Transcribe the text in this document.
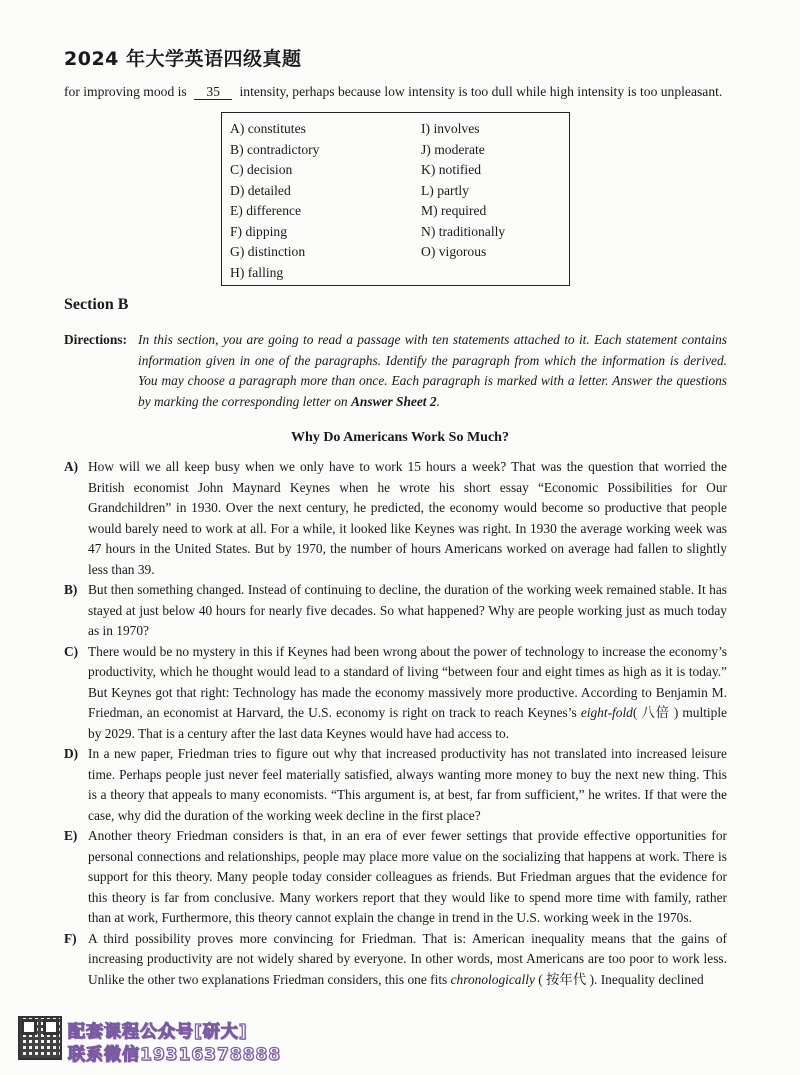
2024 年大学英语四级真题
for improving mood is 35 intensity, perhaps because low intensity is too dull while high intensity is too unpleasant.
A) constitutes
B) contradictory
C) decision
D) detailed
E) difference
F) dipping
G) distinction
H) falling
I) involves
J) moderate
K) notified
L) partly
M) required
N) traditionally
O) vigorous
Section B
Directions: In this section, you are going to read a passage with ten statements attached to it. Each statement contains information given in one of the paragraphs. Identify the paragraph from which the information is derived. You may choose a paragraph more than once. Each paragraph is marked with a letter. Answer the questions by marking the corresponding letter on Answer Sheet 2.
Why Do Americans Work So Much?
A) How will we all keep busy when we only have to work 15 hours a week? That was the question that worried the British economist John Maynard Keynes when he wrote his short essay “Economic Possibilities for Our Grandchildren” in 1930. Over the next century, he predicted, the economy would become so productive that people would barely need to work at all. For a while, it looked like Keynes was right. In 1930 the average working week was 47 hours in the United States. But by 1970, the number of hours Americans worked on average had fallen to slightly less than 39.
B) But then something changed. Instead of continuing to decline, the duration of the working week remained stable. It has stayed at just below 40 hours for nearly five decades. So what happened? Why are people working just as much today as in 1970?
C) There would be no mystery in this if Keynes had been wrong about the power of technology to increase the economy’s productivity, which he thought would lead to a standard of living “between four and eight times as high as it is today.” But Keynes got that right: Technology has made the economy massively more productive. According to Benjamin M. Friedman, an economist at Harvard, the U.S. economy is right on track to reach Keynes’s eight-fold( 八倍 ) multiple by 2029. That is a century after the last data Keynes would have had access to.
D) In a new paper, Friedman tries to figure out why that increased productivity has not translated into increased leisure time. Perhaps people just never feel materially satisfied, always wanting more money to buy the next new thing. This is a theory that appeals to many economists. “This argument is, at best, far from sufficient,” he writes. If that were the case, why did the duration of the working week decline in the first place?
E) Another theory Friedman considers is that, in an era of ever fewer settings that provide effective opportunities for personal connections and relationships, people may place more value on the socializing that happens at work. There is support for this theory. Many people today consider colleagues as friends. But Friedman argues that the evidence for this theory is far from conclusive. Many workers report that they would like to spend more time with family, rather than at work, Furthermore, this theory cannot explain the change in trend in the U.S. working week in the 1970s.
F) A third possibility proves more convincing for Friedman. That is: American inequality means that the gains of increasing productivity are not widely shared by everyone. In other words, most Americans are too poor to work less. Unlike the other two explanations Friedman considers, this one fits chronologically ( 按年代 ). Inequality declined
配套课程公众号[研大]
联系微信19316378888
